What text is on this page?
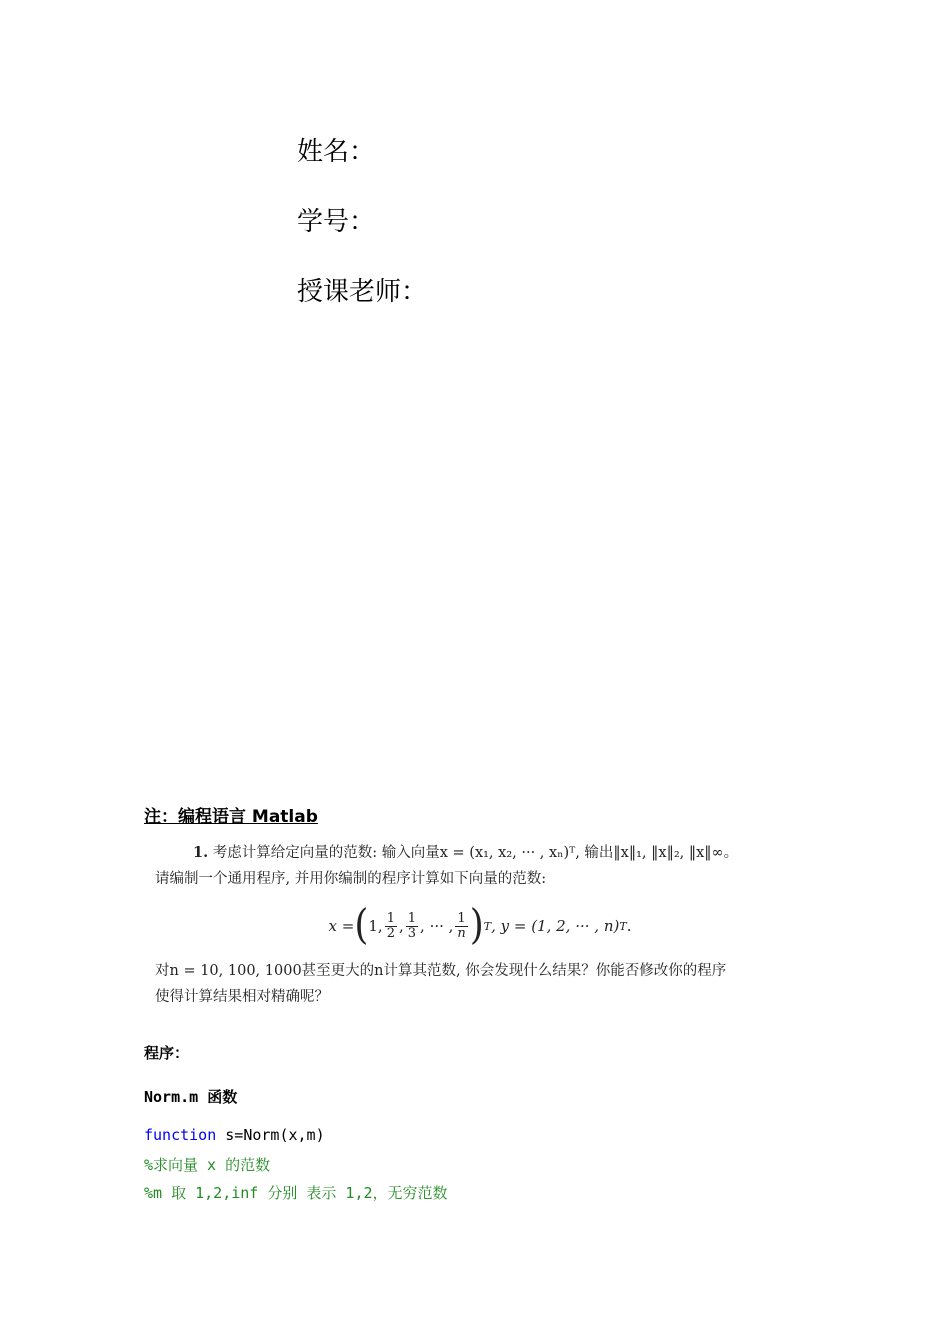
姓名：
学号：
授课老师：
注：编程语言 Matlab

1. 考虑计算给定向量的范数: 输入向量x = (x₁, x₂, ··· , xₙ)ᵀ, 输出‖x‖₁, ‖x‖₂, ‖x‖∞。

请编制一个通用程序, 并用你编制的程序计算如下向量的范数:

x = ( 1, $\frac{1}{2}$ , $\frac{1}{3}$ , ··· , $\frac{1}{n}$ ) T , y = (1, 2, ··· , n) T .

对n = 10, 100, 1000甚至更大的n计算其范数, 你会发现什么结果？你能否修改你的程序

使得计算结果相对精确呢？

程序：
Norm.m 函数
function s=Norm(x,m)
%求向量 x 的范数
%m 取 1,2,inf 分别 表示 1,2，无穷范数
